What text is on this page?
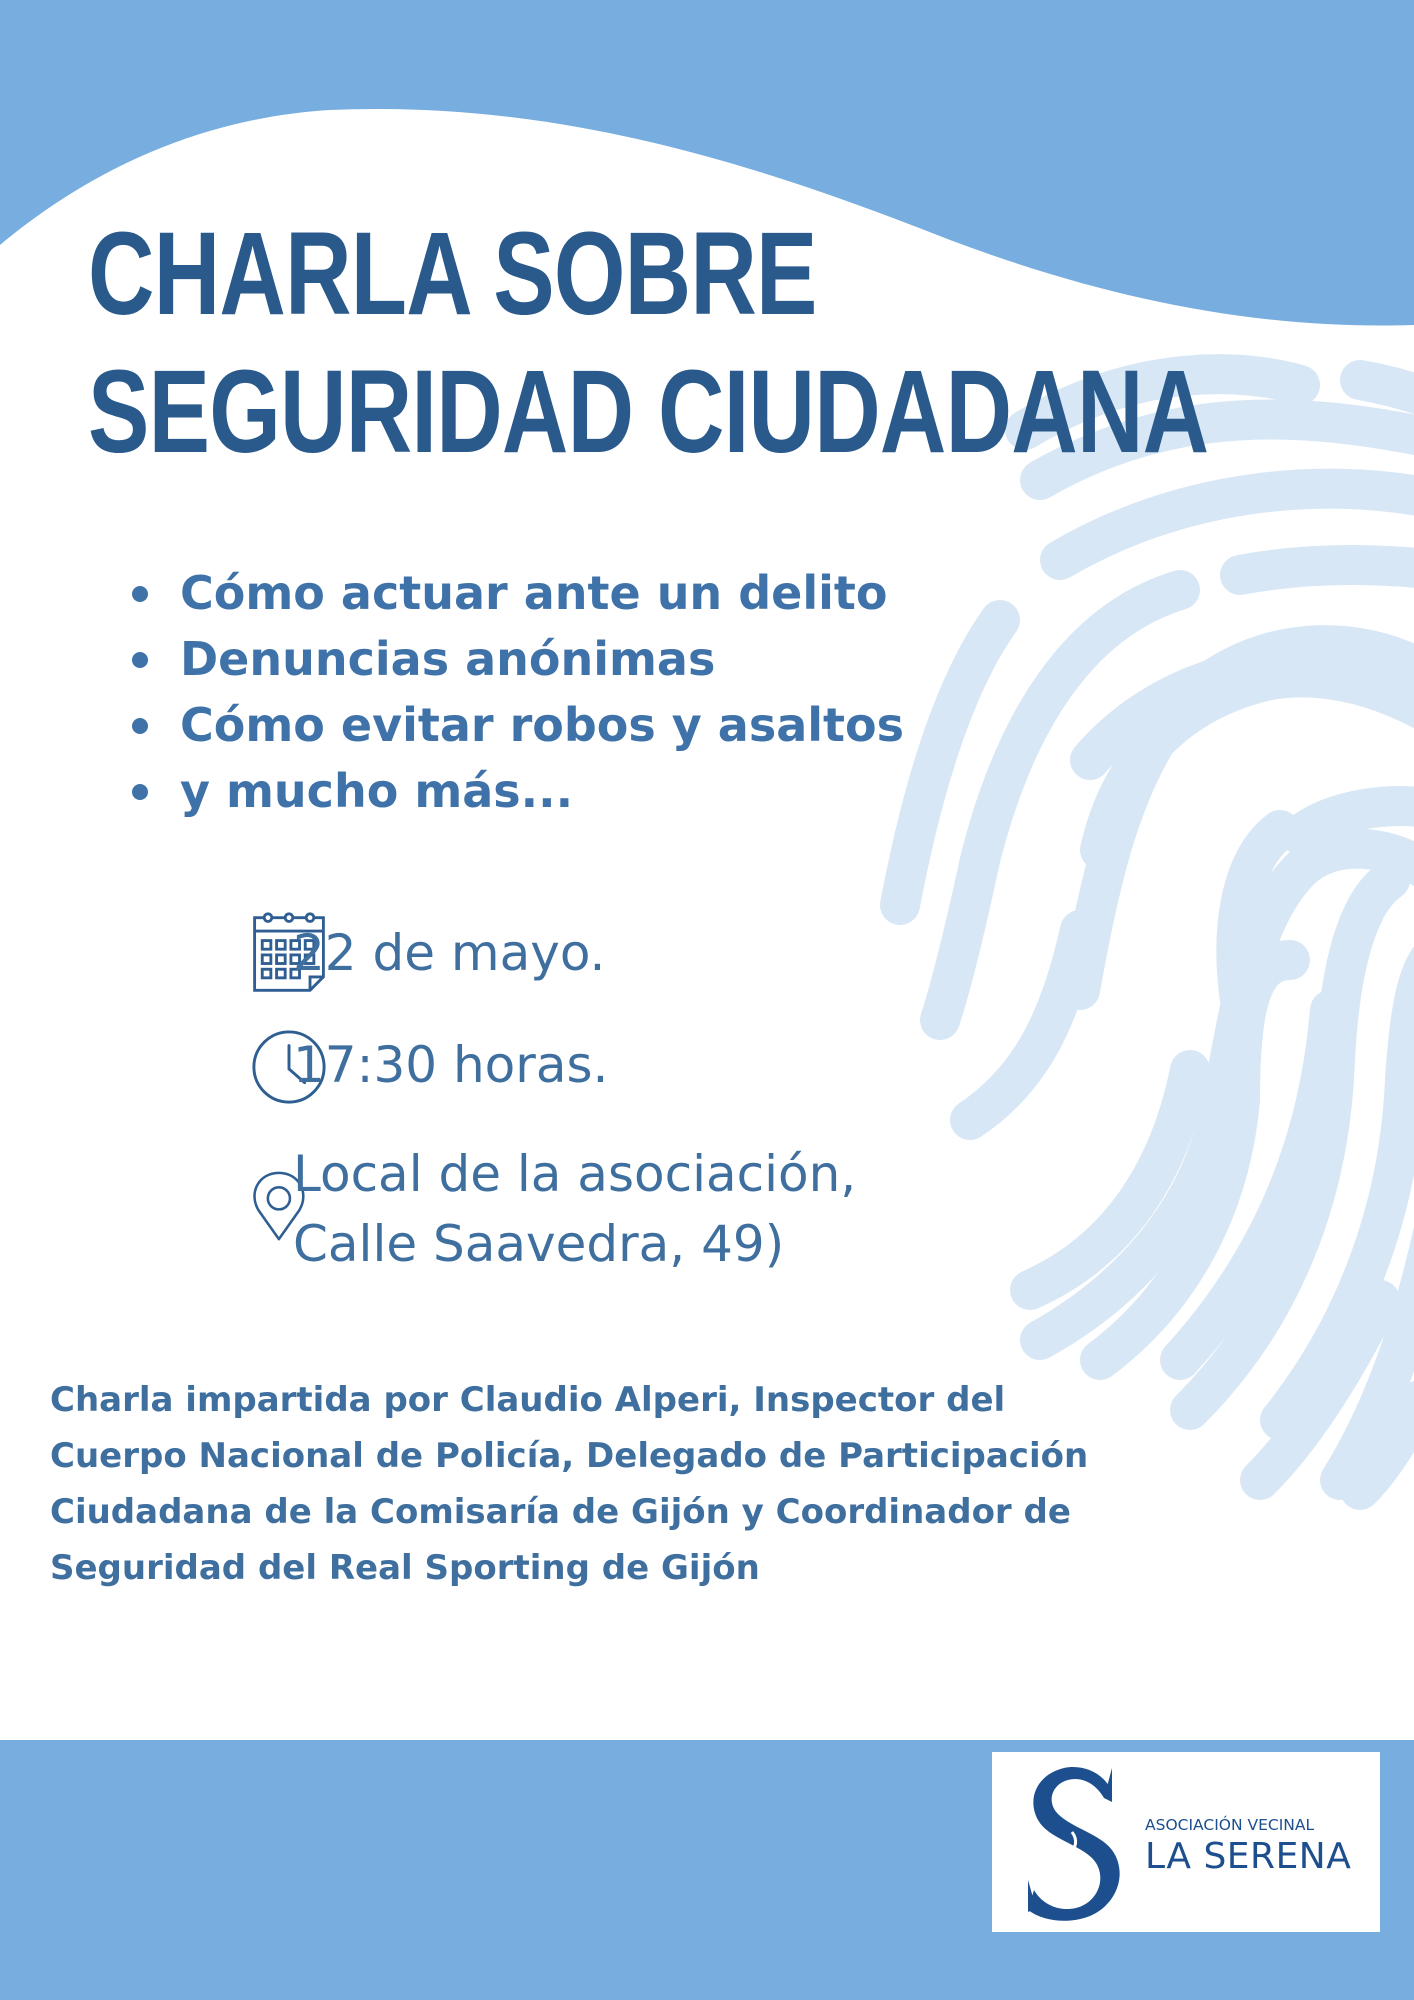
CHARLA SOBRE
SEGURIDAD CIUDADANA
Cómo actuar ante un delito
Denuncias anónimas
Cómo evitar robos y asaltos
y mucho más...
22 de mayo.
17:30 horas.
Local de la asociación,
Calle Saavedra, 49)

Charla impartida por Claudio Alperi, Inspector del Cuerpo Nacional de Policía, Delegado de Participación Ciudadana de la Comisaría de Gijón y Coordinador de Seguridad del Real Sporting de Gijón

ASOCIACIÓN VECINAL
LA SERENA
